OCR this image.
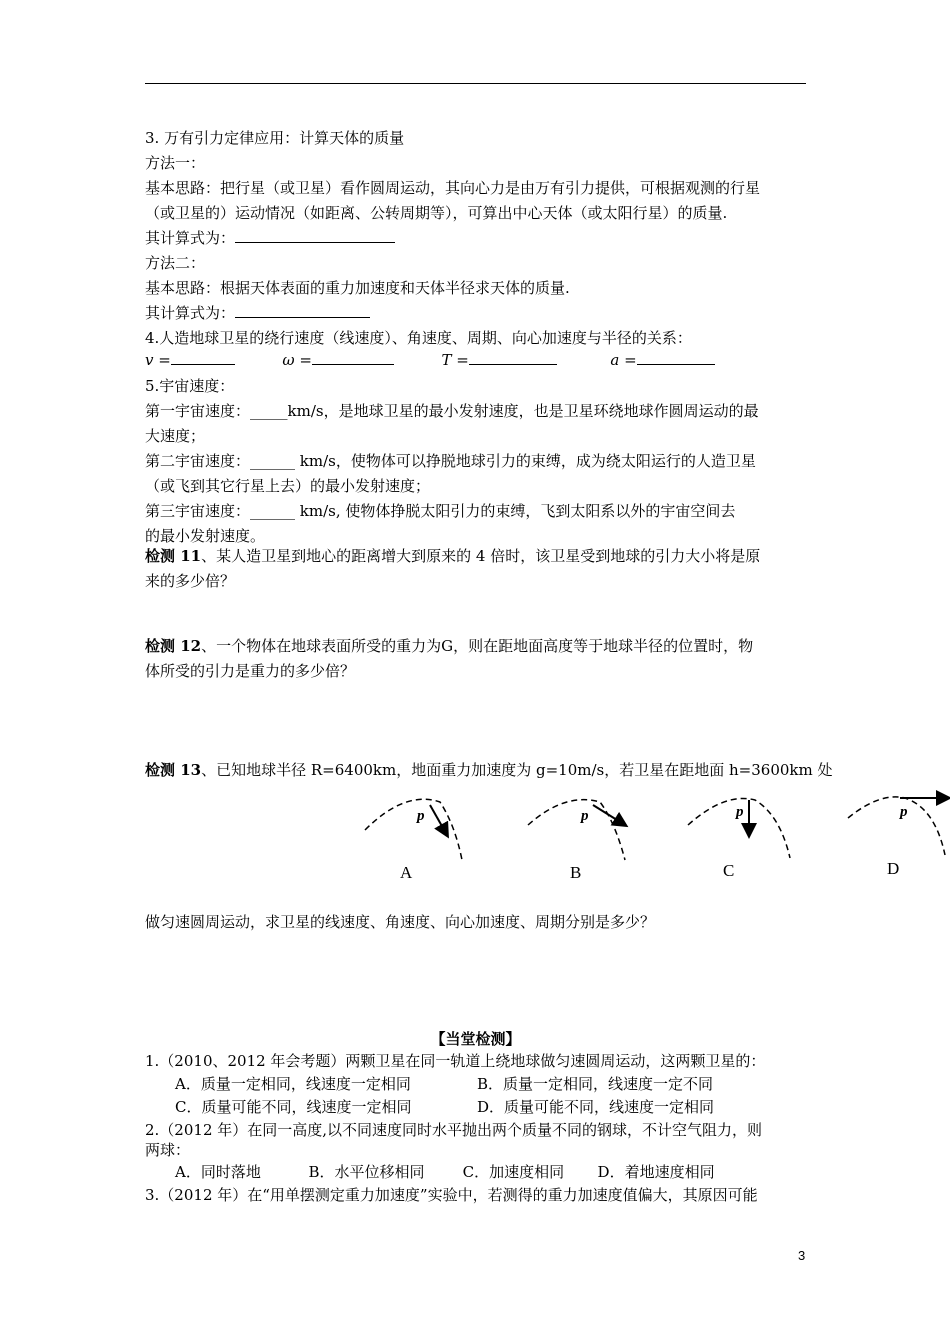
3. 万有引力定律应用：计算天体的质量
方法一：
基本思路：把行星（或卫星）看作圆周运动，其向心力是由万有引力提供，可根据观测的行星
（或卫星的）运动情况（如距离、公转周期等），可算出中心天体（或太阳行星）的质量.
其计算式为：
方法二：
基本思路：根据天体表面的重力加速度和天体半径求天体的质量.
其计算式为：
4.人造地球卫星的绕行速度（线速度）、角速度、周期、向心加速度与半径的关系：
v =	ω =	T =	a =
5.宇宙速度：
第一宇宙速度：_____km/s，是地球卫星的最小发射速度，也是卫星环绕地球作圆周运动的最
大速度；
第二宇宙速度：______ km/s，使物体可以挣脱地球引力的束缚，成为绕太阳运行的人造卫星
（或飞到其它行星上去）的最小发射速度；
第三宇宙速度：______ km/s, 使物体挣脱太阳引力的束缚，飞到太阳系以外的宇宙空间去
的最小发射速度。
检测 11、某人造卫星到地心的距离增大到原来的 4 倍时，该卫星受到地球的引力大小将是原
来的多少倍？
检测 12、一个物体在地球表面所受的重力为G，则在距地面高度等于地球半径的位置时，物
体所受的引力是重力的多少倍？
检测 13、已知地球半径 R=6400km，地面重力加速度为 g=10m/s，若卫星在距地面 h=3600km 处
p
A
p
B
p
C
p
D
做匀速圆周运动，求卫星的线速度、角速度、向心加速度、周期分别是多少？
【当堂检测】
1.（2010、2012 年会考题）两颗卫星在同一轨道上绕地球做匀速圆周运动，这两颗卫星的：
A．质量一定相同，线速度一定相同	B．质量一定相同，线速度一定不同
C．质量可能不同，线速度一定相同	D．质量可能不同，线速度一定相同
2.（2012 年）在同一高度,以不同速度同时水平抛出两个质量不同的钢球，不计空气阻力，则
两球：
A．同时落地          B．水平位移相同        C．加速度相同       D．着地速度相同
3.（2012 年）在“用单摆测定重力加速度”实验中，若测得的重力加速度值偏大，其原因可能
3
